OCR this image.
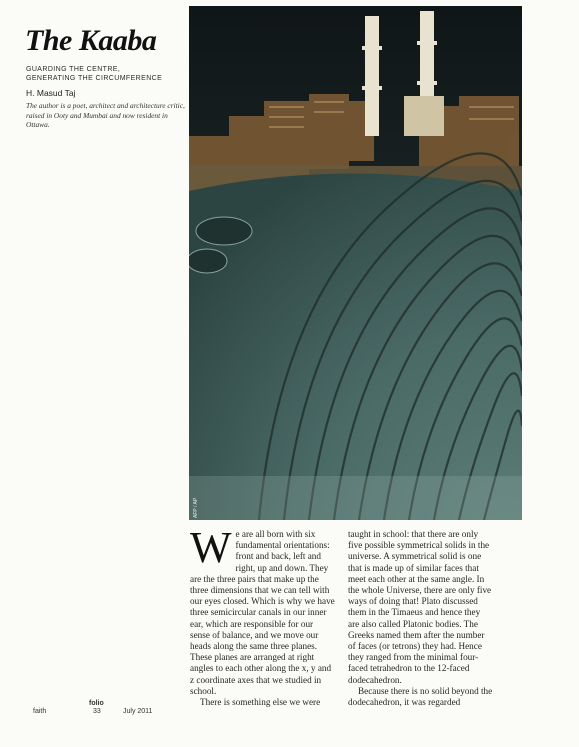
The Kaaba
GUARDING THE CENTRE,
GENERATING THE CIRCUMFERENCE
H. Masud Taj
The author is a poet, architect and architecture critic, raised in Ooty and Mumbai and now resident in Ottawa.
AFP / AP

We are all born with six fundamental orientations: front and back, left and right, up and down. They are the three pairs that make up the three dimensions that we can tell with our eyes closed. Which is why we have three semicircular canals in our inner ear, which are responsible for our sense of balance, and we move our heads along the same three planes. These planes are arranged at right angles to each other along the x, y and z coordinate axes that we studied in school.

There is something else we were

taught in school: that there are only five possible symmetrical solids in the universe. A symmetrical solid is one that is made up of similar faces that meet each other at the same angle. In the whole Universe, there are only five ways of doing that! Plato discussed them in the Timaeus and hence they are also called Platonic bodies. The Greeks named them after the number of faces (or tetrons) they had. Hence they ranged from the minimal four-faced tetrahedron to the 12-faced dodecahedron.

Because there is no solid beyond the dodecahedron, it was regarded

faith
folio
33	July 2011
